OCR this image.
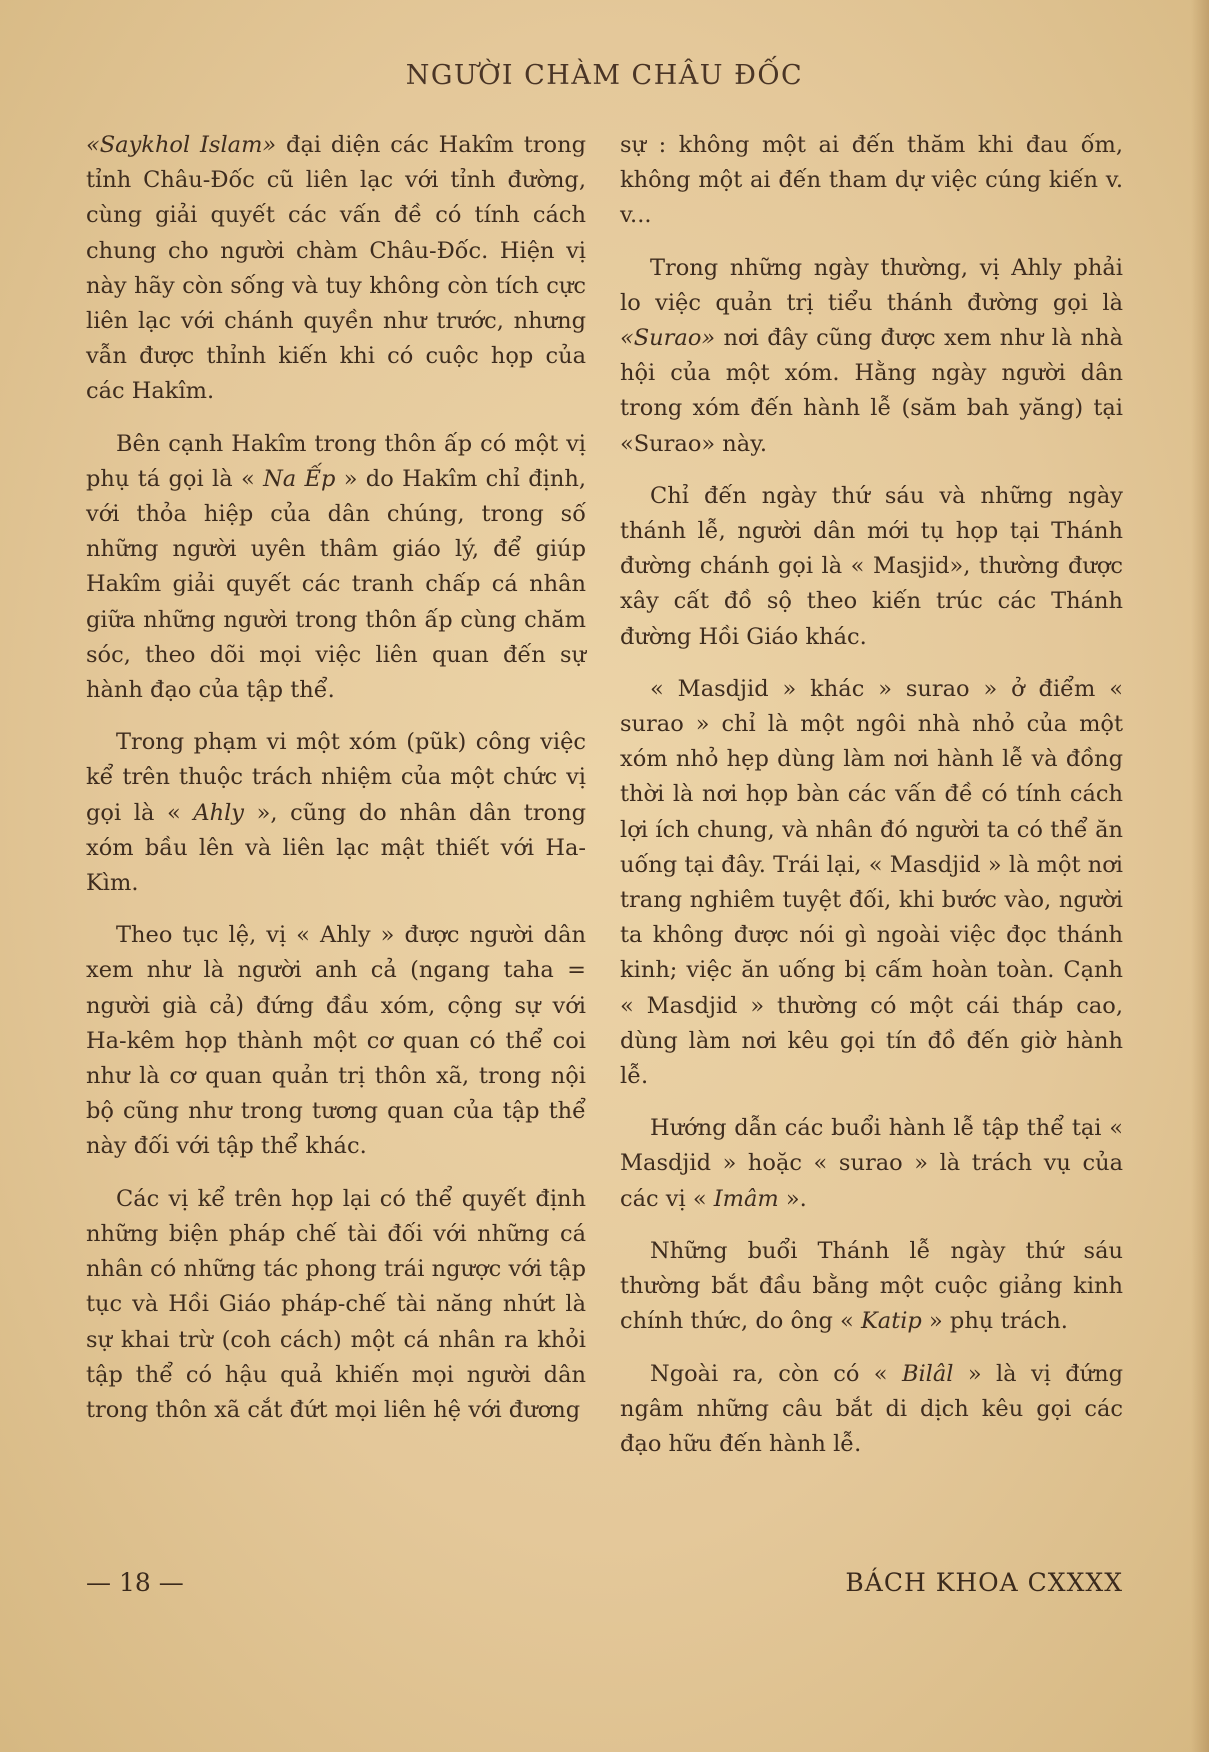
NGƯỜI CHÀM CHÂU ĐỐC

«Saykhol Islam» đại diện các Hakîm trong tỉnh Châu-Đốc cũ liên lạc với tỉnh đường, cùng giải quyết các vấn đề có tính cách chung cho người chàm Châu-Đốc. Hiện vị này hãy còn sống và tuy không còn tích cực liên lạc với chánh quyền như trước, nhưng vẫn được thỉnh kiến khi có cuộc họp của các Hakîm.

Bên cạnh Hakîm trong thôn ấp có một vị phụ tá gọi là « Na Ếp » do Hakîm chỉ định, với thỏa hiệp của dân chúng, trong số những người uyên thâm giáo lý, để giúp Hakîm giải quyết các tranh chấp cá nhân giữa những người trong thôn ấp cùng chăm sóc, theo dõi mọi việc liên quan đến sự hành đạo của tập thể.

Trong phạm vi một xóm (pũk) công việc kể trên thuộc trách nhiệm của một chức vị gọi là « Ahly », cũng do nhân dân trong xóm bầu lên và liên lạc mật thiết với Ha-Kìm.

Theo tục lệ, vị « Ahly » được người dân xem như là người anh cả (ngang taha = người già cả) đứng đầu xóm, cộng sự với Ha-kêm họp thành một cơ quan có thể coi như là cơ quan quản trị thôn xã, trong nội bộ cũng như trong tương quan của tập thể này đối với tập thể khác.

Các vị kể trên họp lại có thể quyết định những biện pháp chế tài đối với những cá nhân có những tác phong trái ngược với tập tục và Hồi Giáo pháp-chế tài năng nhứt là sự khai trừ (coh cách) một cá nhân ra khỏi tập thể có hậu quả khiến mọi người dân trong thôn xã cắt đứt mọi liên hệ với đương

sự : không một ai đến thăm khi đau ốm, không một ai đến tham dự việc cúng kiến v. v...

Trong những ngày thường, vị Ahly phải lo việc quản trị tiểu thánh đường gọi là «Surao» nơi đây cũng được xem như là nhà hội của một xóm. Hằng ngày người dân trong xóm đến hành lễ (săm bah yăng) tại «Surao» này.

Chỉ đến ngày thứ sáu và những ngày thánh lễ, người dân mới tụ họp tại Thánh đường chánh gọi là « Masjid», thường được xây cất đồ sộ theo kiến trúc các Thánh đường Hồi Giáo khác.

« Masdjid » khác » surao » ở điểm « surao » chỉ là một ngôi nhà nhỏ của một xóm nhỏ hẹp dùng làm nơi hành lễ và đồng thời là nơi họp bàn các vấn đề có tính cách lợi ích chung, và nhân đó người ta có thể ăn uống tại đây. Trái lại, « Masdjid » là một nơi trang nghiêm tuyệt đối, khi bước vào, người ta không được nói gì ngoài việc đọc thánh kinh; việc ăn uống bị cấm hoàn toàn. Cạnh « Masdjid » thường có một cái tháp cao, dùng làm nơi kêu gọi tín đồ đến giờ hành lễ.

Hướng dẫn các buổi hành lễ tập thể tại « Masdjid » hoặc « surao » là trách vụ của các vị « Imâm ».

Những buổi Thánh lễ ngày thứ sáu thường bắt đầu bằng một cuộc giảng kinh chính thức, do ông « Katip » phụ trách.

Ngoài ra, còn có « Bilâl » là vị đứng ngâm những câu bắt di dịch kêu gọi các đạo hữu đến hành lễ.

— 18 —	BÁCH KHOA CXXXX
